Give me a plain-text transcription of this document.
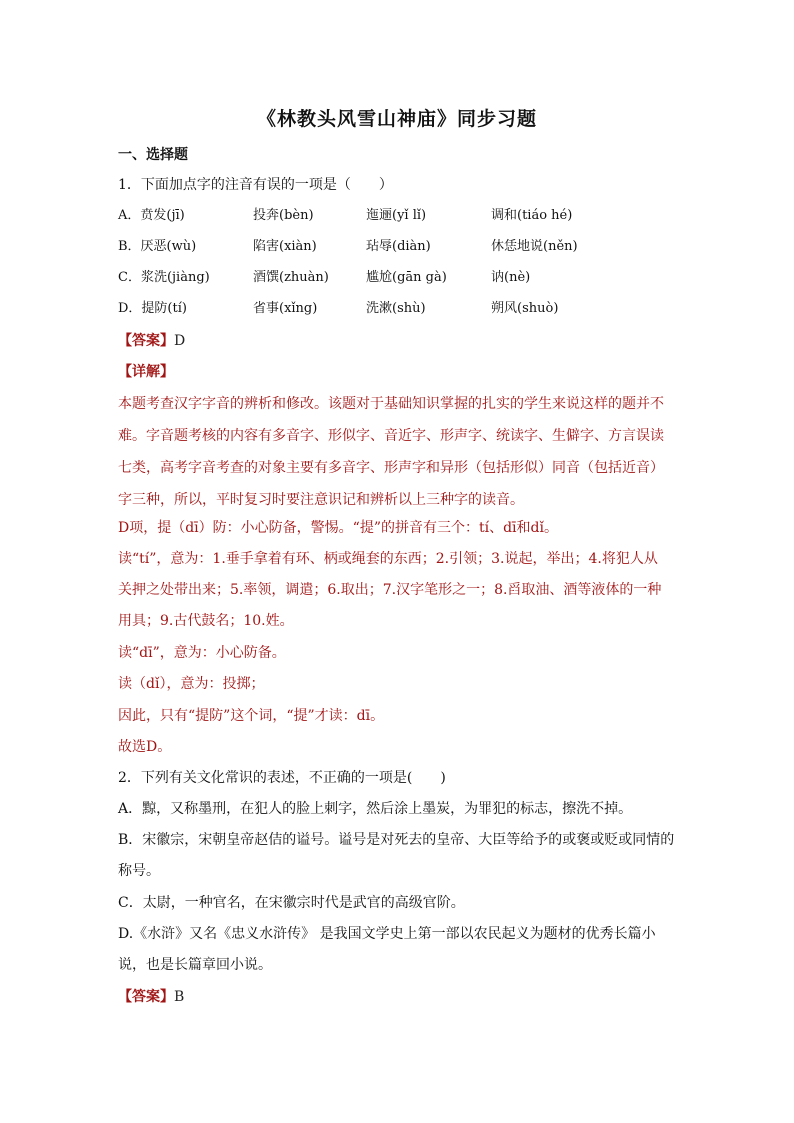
《林教头风雪山神庙》同步习题
一、选择题
1．下面加点字的注音有误的一项是（　　）
A．贲发(jī)	投奔(bèn)	迤逦(yǐ lǐ)	调和(tiáo hé)
B．厌恶(wù)	陷害(xiàn)	玷辱(diàn)	休恁地说(něn)
C．浆洗(jiàng)	酒馔(zhuàn)	尴尬(gān gà)	讷(nè)
D．提防(tí)	省事(xǐng)	洗漱(shù)	朔风(shuò)
【答案】D
【详解】
本题考查汉字字音的辨析和修改。该题对于基础知识掌握的扎实的学生来说这样的题并不
难。字音题考核的内容有多音字、形似字、音近字、形声字、统读字、生僻字、方言误读
七类，高考字音考查的对象主要有多音字、形声字和异形（包括形似）同音（包括近音）
字三种，所以，平时复习时要注意识记和辨析以上三种字的读音。
D项，提（dī）防：小心防备，警惕。“提”的拼音有三个：tí、dī和dǐ。
读“tí”，意为：1.垂手拿着有环、柄或绳套的东西；2.引领；3.说起，举出；4.将犯人从
关押之处带出来；5.率领，调遣；6.取出；7.汉字笔形之一；8.舀取油、酒等液体的一种
用具；9.古代鼓名；10.姓。
读“dī”，意为：小心防备。
读（dǐ），意为：投掷；
因此，只有“提防”这个词，“提”才读：dī。
故选D。
2．下列有关文化常识的表述，不正确的一项是(　　)
A．黥，又称墨刑，在犯人的脸上刺字，然后涂上墨炭，为罪犯的标志，擦洗不掉。
B．宋徽宗，宋朝皇帝赵佶的谥号。谥号是对死去的皇帝、大臣等给予的或褒或贬或同情的
称号。
C．太尉，一种官名，在宋徽宗时代是武官的高级官阶。
D.《水浒》又名《忠义水浒传》 是我国文学史上第一部以农民起义为题材的优秀长篇小
说，也是长篇章回小说。
【答案】B
